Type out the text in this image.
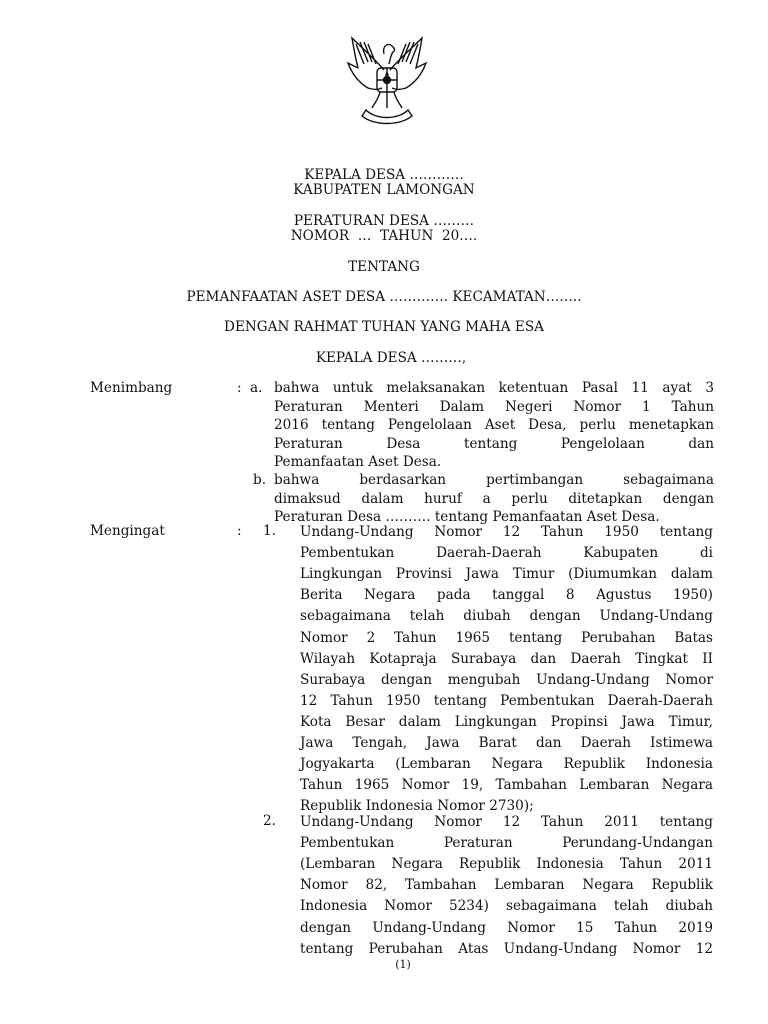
KEPALA DESA …………
KABUPATEN LAMONGAN
PERATURAN DESA ………
NOMOR  …  TAHUN  20….
TENTANG
PEMANFAATAN ASET DESA …………. KECAMATAN……..
DENGAN RAHMAT TUHAN YANG MAHA ESA
KEPALA DESA ………,
Menimbang	: a. bahwa untuk melaksanakan ketentuan Pasal 11 ayat 3
Peraturan Menteri Dalam Negeri Nomor 1 Tahun
2016 tentang Pengelolaan Aset Desa, perlu menetapkan
Peraturan Desa tentang Pengelolaan dan
Pemanfaatan Aset Desa.
b. bahwa berdasarkan pertimbangan sebagaimana
dimaksud dalam huruf a perlu ditetapkan dengan
Peraturan Desa ………. tentang Pemanfaatan Aset Desa.
Mengingat	: 1. Undang-Undang Nomor 12 Tahun 1950 tentang
Pembentukan Daerah-Daerah Kabupaten di
Lingkungan Provinsi Jawa Timur (Diumumkan dalam
Berita Negara pada tanggal 8 Agustus 1950)
sebagaimana telah diubah dengan Undang-Undang
Nomor 2 Tahun 1965 tentang Perubahan Batas
Wilayah Kotapraja Surabaya dan Daerah Tingkat II
Surabaya dengan mengubah Undang-Undang Nomor
12 Tahun 1950 tentang Pembentukan Daerah-Daerah
Kota Besar dalam Lingkungan Propinsi Jawa Timur,
Jawa Tengah, Jawa Barat dan Daerah Istimewa
Jogyakarta (Lembaran Negara Republik Indonesia
Tahun 1965 Nomor 19, Tambahan Lembaran Negara
Republik Indonesia Nomor 2730);
2. Undang-Undang Nomor 12 Tahun 2011 tentang
Pembentukan Peraturan Perundang-Undangan
(Lembaran Negara Republik Indonesia Tahun 2011
Nomor 82, Tambahan Lembaran Negara Republik
Indonesia Nomor 5234) sebagaimana telah diubah
dengan Undang-Undang Nomor 15 Tahun 2019
tentang Perubahan Atas Undang-Undang Nomor 12
(1)
